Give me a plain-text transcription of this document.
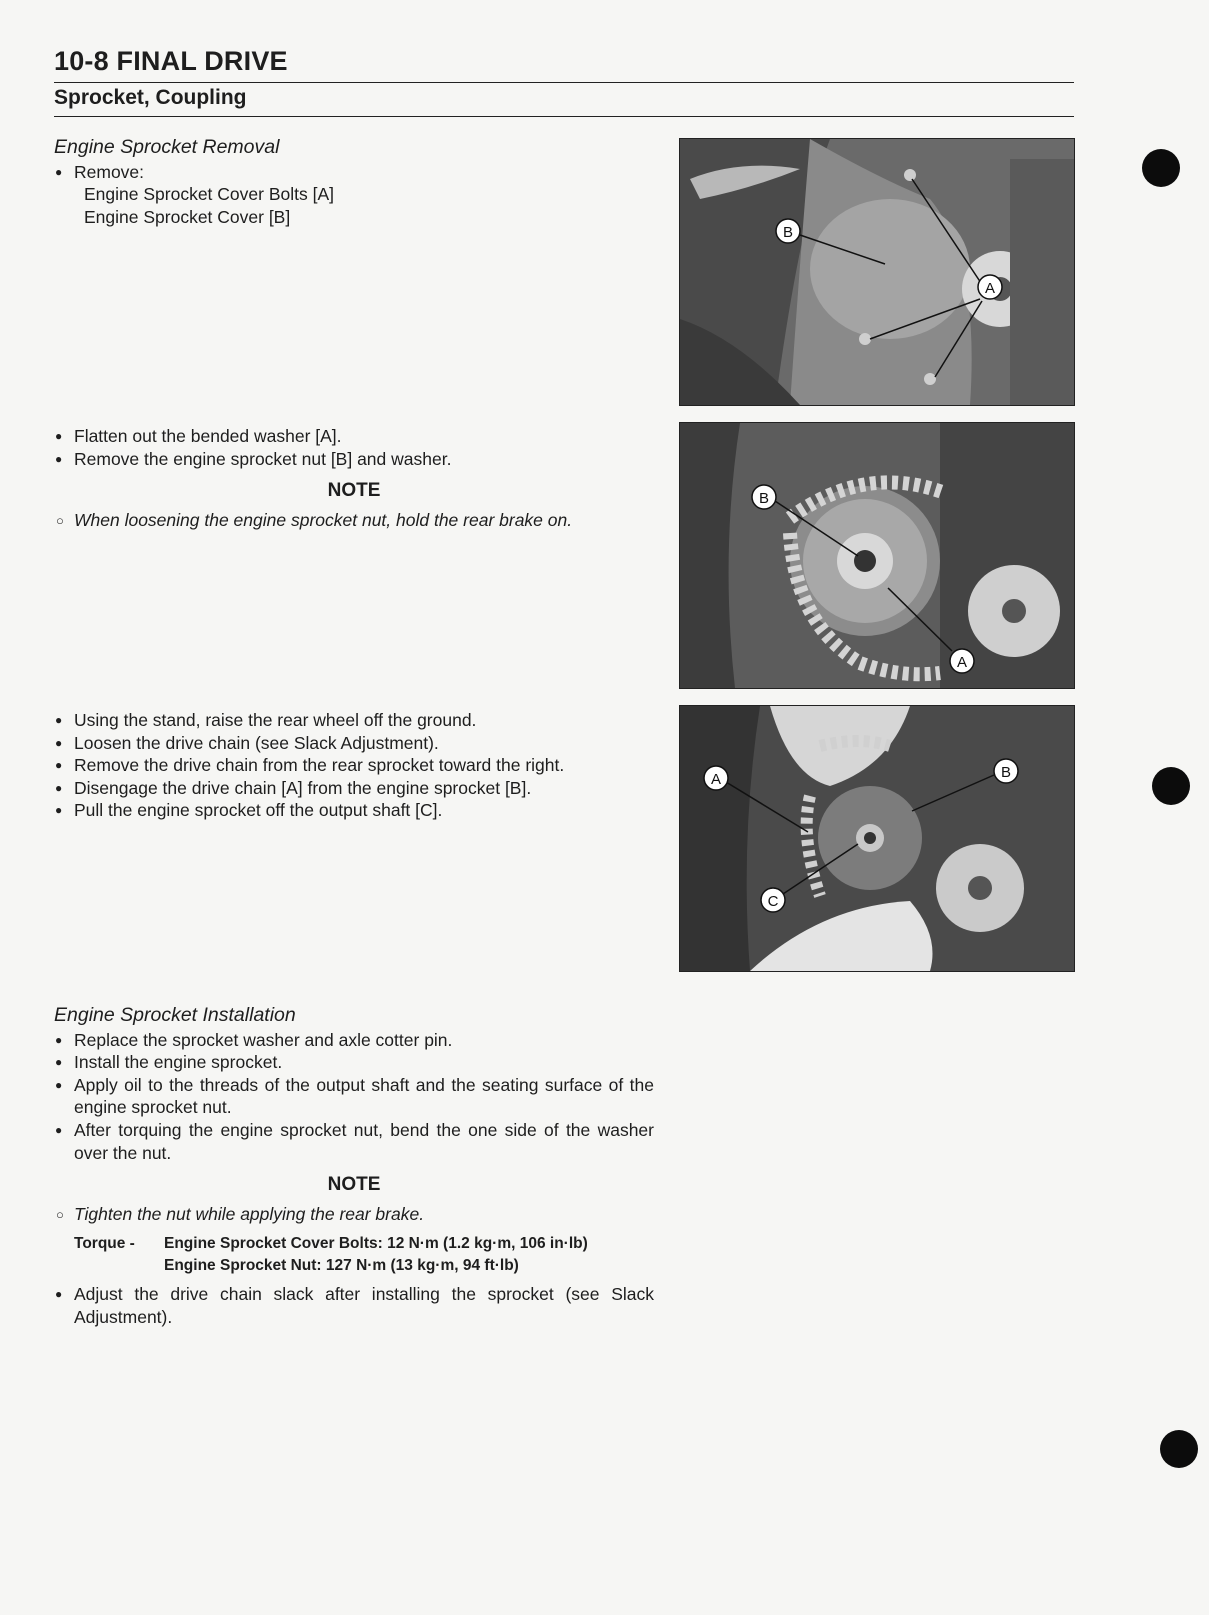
10-8 FINAL DRIVE
Sprocket, Coupling
Engine Sprocket Removal
● Remove:
Engine Sprocket Cover Bolts [A]
Engine Sprocket Cover [B]
● Flatten out the bended washer [A].
● Remove the engine sprocket nut [B] and washer.
NOTE
○ When loosening the engine sprocket nut, hold the rear brake on.
● Using the stand, raise the rear wheel off the ground.
● Loosen the drive chain (see Slack Adjustment).
● Remove the drive chain from the rear sprocket toward the right.
● Disengage the drive chain [A] from the engine sprocket [B].
● Pull the engine sprocket off the output shaft [C].
Engine Sprocket Installation
● Replace the sprocket washer and axle cotter pin.
● Install the engine sprocket.
● Apply oil to the threads of the output shaft and the seating surface of the engine sprocket nut.
● After torquing the engine sprocket nut, bend the one side of the washer over the nut.
NOTE
○ Tighten the nut while applying the rear brake.
Torque -	Engine Sprocket Cover Bolts: 12 N·m (1.2 kg·m, 106 in·lb)
Engine Sprocket Nut: 127 N·m (13 kg·m, 94 ft·lb)
● Adjust the drive chain slack after installing the sprocket (see Slack Adjustment).
B
A
B
A
A	B
C
